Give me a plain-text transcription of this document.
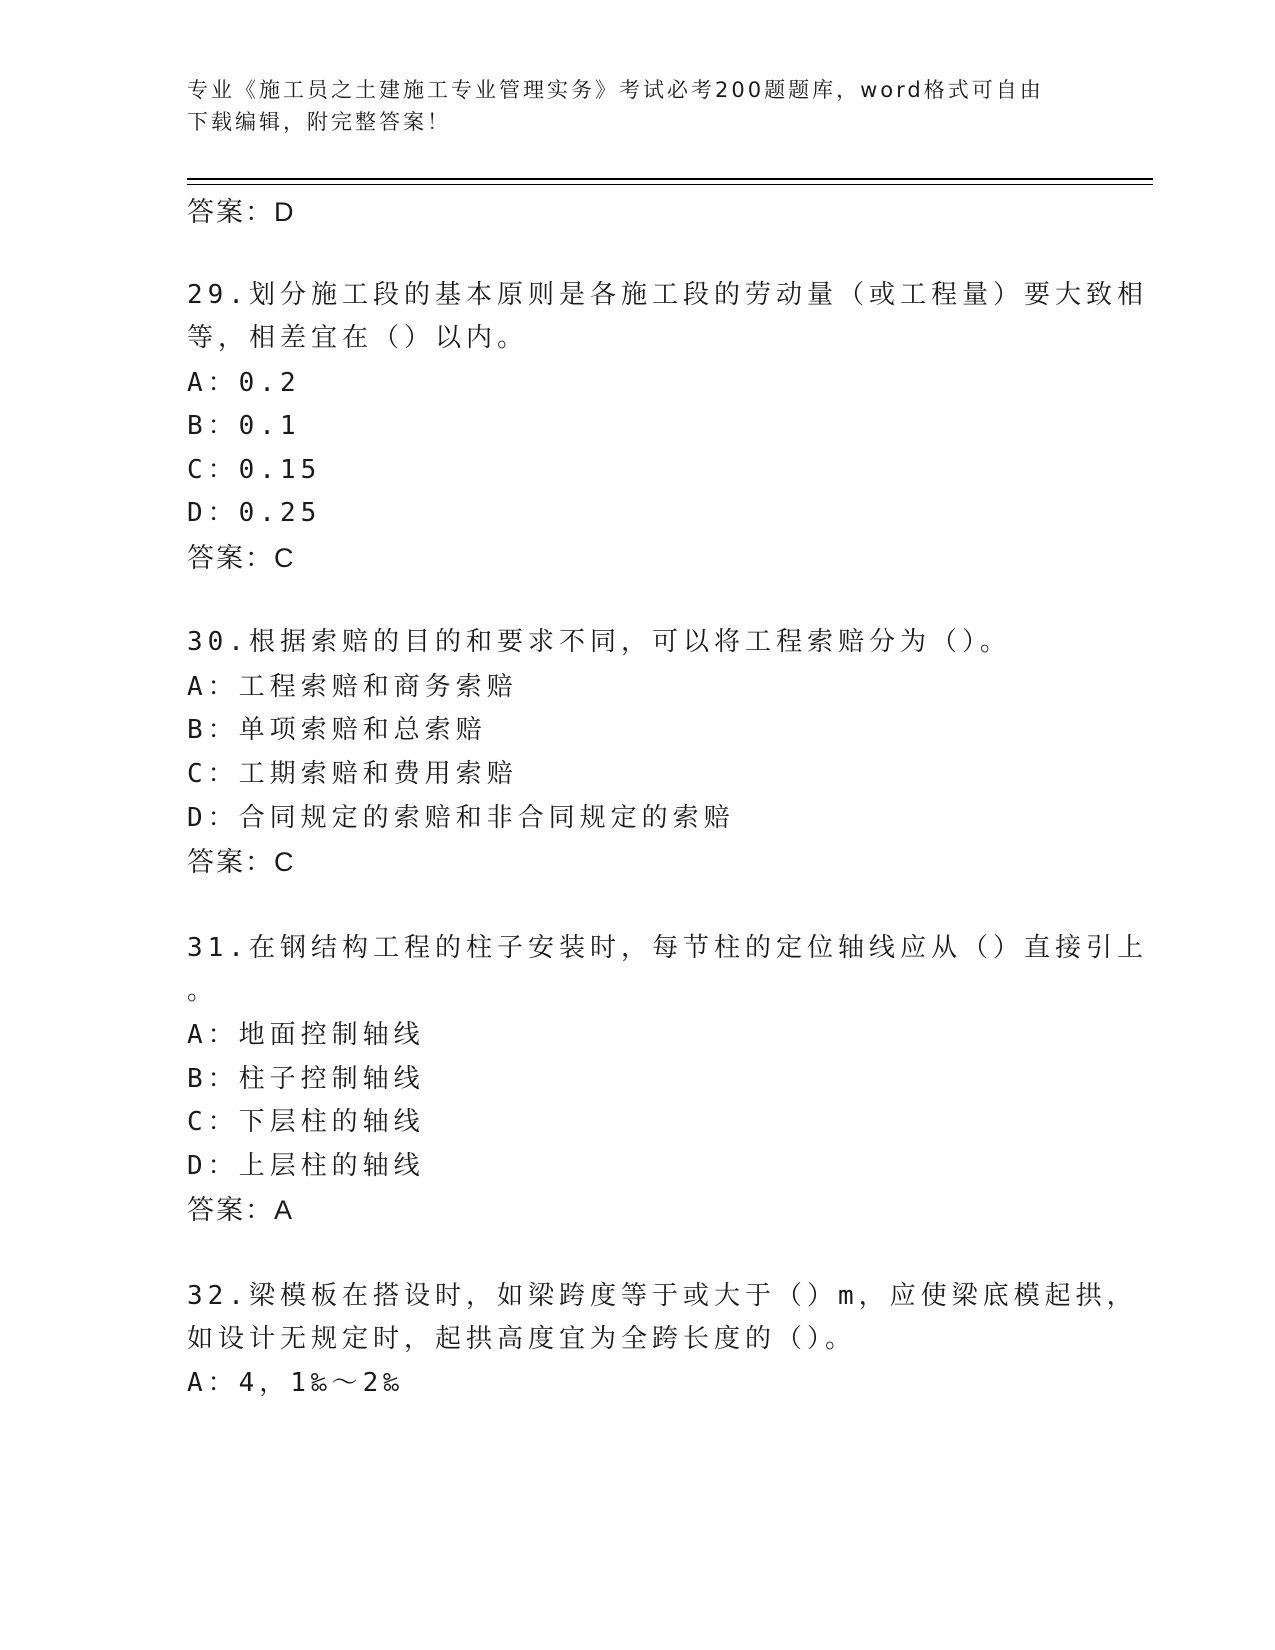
专业《施工员之土建施工专业管理实务》考试必考200题题库，word格式可自由
下载编辑，附完整答案！
答案：D
29.划分施工段的基本原则是各施工段的劳动量（或工程量）要大致相
等，相差宜在（）以内。
A：0.2
B：0.1
C：0.15
D：0.25
答案：C
30.根据索赔的目的和要求不同，可以将工程索赔分为（）。
A：工程索赔和商务索赔
B：单项索赔和总索赔
C：工期索赔和费用索赔
D：合同规定的索赔和非合同规定的索赔
答案：C
31.在钢结构工程的柱子安装时，每节柱的定位轴线应从（）直接引上
。
A：地面控制轴线
B：柱子控制轴线
C：下层柱的轴线
D：上层柱的轴线
答案：A
32.梁模板在搭设时，如梁跨度等于或大于（）m，应使梁底模起拱，
如设计无规定时，起拱高度宜为全跨长度的（）。
A：4，1‰～2‰
